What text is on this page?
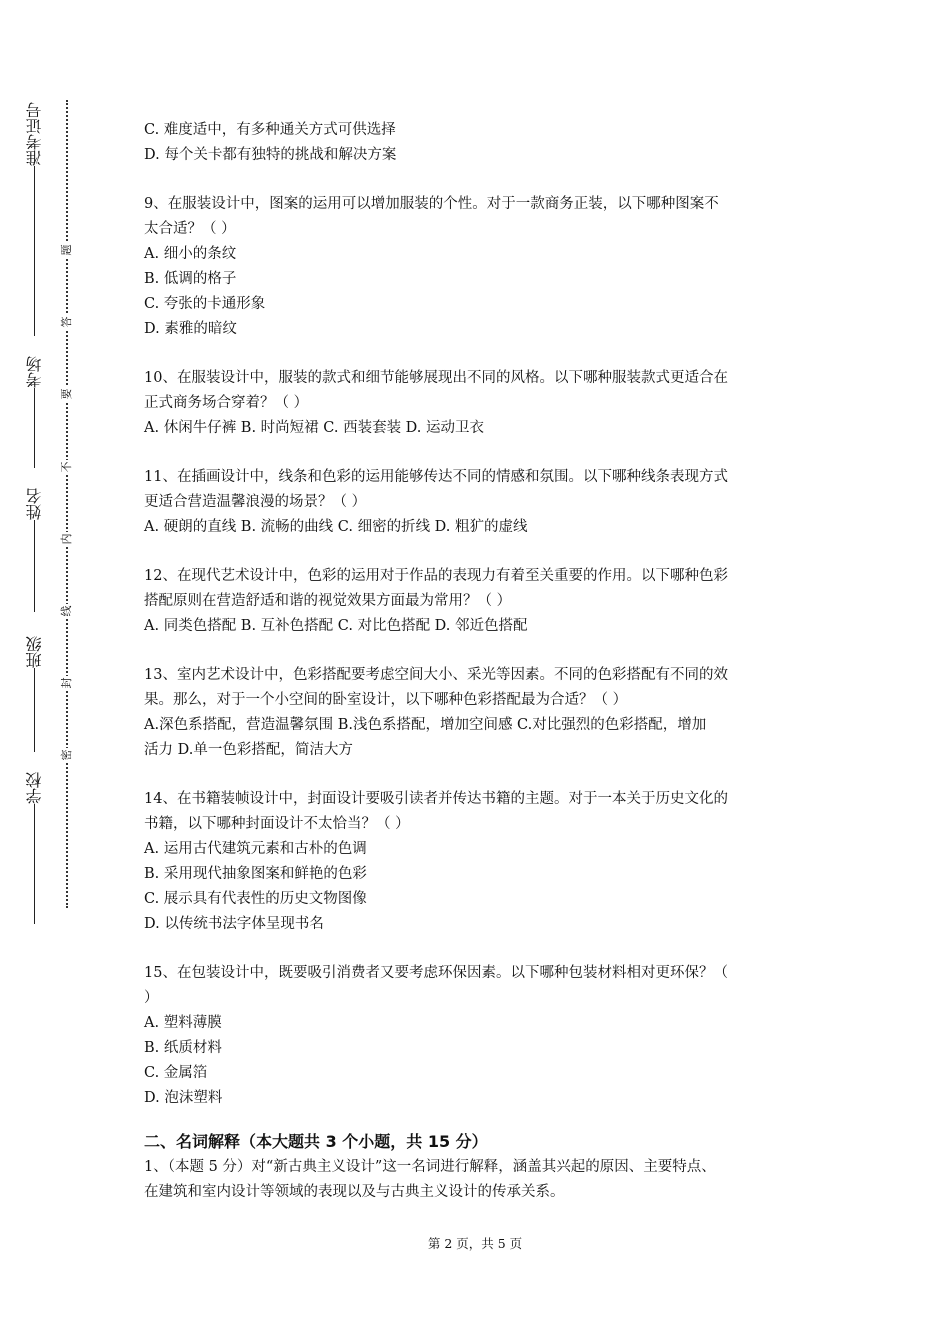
准考证号
考场
姓名
班级
学校
题
答
要
不
内
线
封
密

C. 难度适中，有多种通关方式可供选择

D. 每个关卡都有独特的挑战和解决方案

9、在服装设计中，图案的运用可以增加服装的个性。对于一款商务正装，以下哪种图案不

太合适？（ ）

A. 细小的条纹

B. 低调的格子

C. 夸张的卡通形象

D. 素雅的暗纹

10、在服装设计中，服装的款式和细节能够展现出不同的风格。以下哪种服装款式更适合在

正式商务场合穿着？（ ）

A. 休闲牛仔裤 B. 时尚短裙 C. 西装套装 D. 运动卫衣

11、在插画设计中，线条和色彩的运用能够传达不同的情感和氛围。以下哪种线条表现方式

更适合营造温馨浪漫的场景？（ ）

A. 硬朗的直线 B. 流畅的曲线 C. 细密的折线 D. 粗犷的虚线

12、在现代艺术设计中，色彩的运用对于作品的表现力有着至关重要的作用。以下哪种色彩

搭配原则在营造舒适和谐的视觉效果方面最为常用？（ ）

A. 同类色搭配 B. 互补色搭配 C. 对比色搭配 D. 邻近色搭配

13、室内艺术设计中，色彩搭配要考虑空间大小、采光等因素。不同的色彩搭配有不同的效

果。那么，对于一个小空间的卧室设计，以下哪种色彩搭配最为合适？（ ）

A.深色系搭配，营造温馨氛围 B.浅色系搭配，增加空间感 C.对比强烈的色彩搭配，增加

活力 D.单一色彩搭配，简洁大方

14、在书籍装帧设计中，封面设计要吸引读者并传达书籍的主题。对于一本关于历史文化的

书籍，以下哪种封面设计不太恰当？（ ）

A. 运用古代建筑元素和古朴的色调

B. 采用现代抽象图案和鲜艳的色彩

C. 展示具有代表性的历史文物图像

D. 以传统书法字体呈现书名

15、在包装设计中，既要吸引消费者又要考虑环保因素。以下哪种包装材料相对更环保？（

）

A. 塑料薄膜

B. 纸质材料

C. 金属箔

D. 泡沫塑料

二、名词解释（本大题共 3 个小题，共 15 分）

1、（本题 5 分）对“新古典主义设计”这一名词进行解释，涵盖其兴起的原因、主要特点、

在建筑和室内设计等领域的表现以及与古典主义设计的传承关系。

第 2 页，共 5 页
